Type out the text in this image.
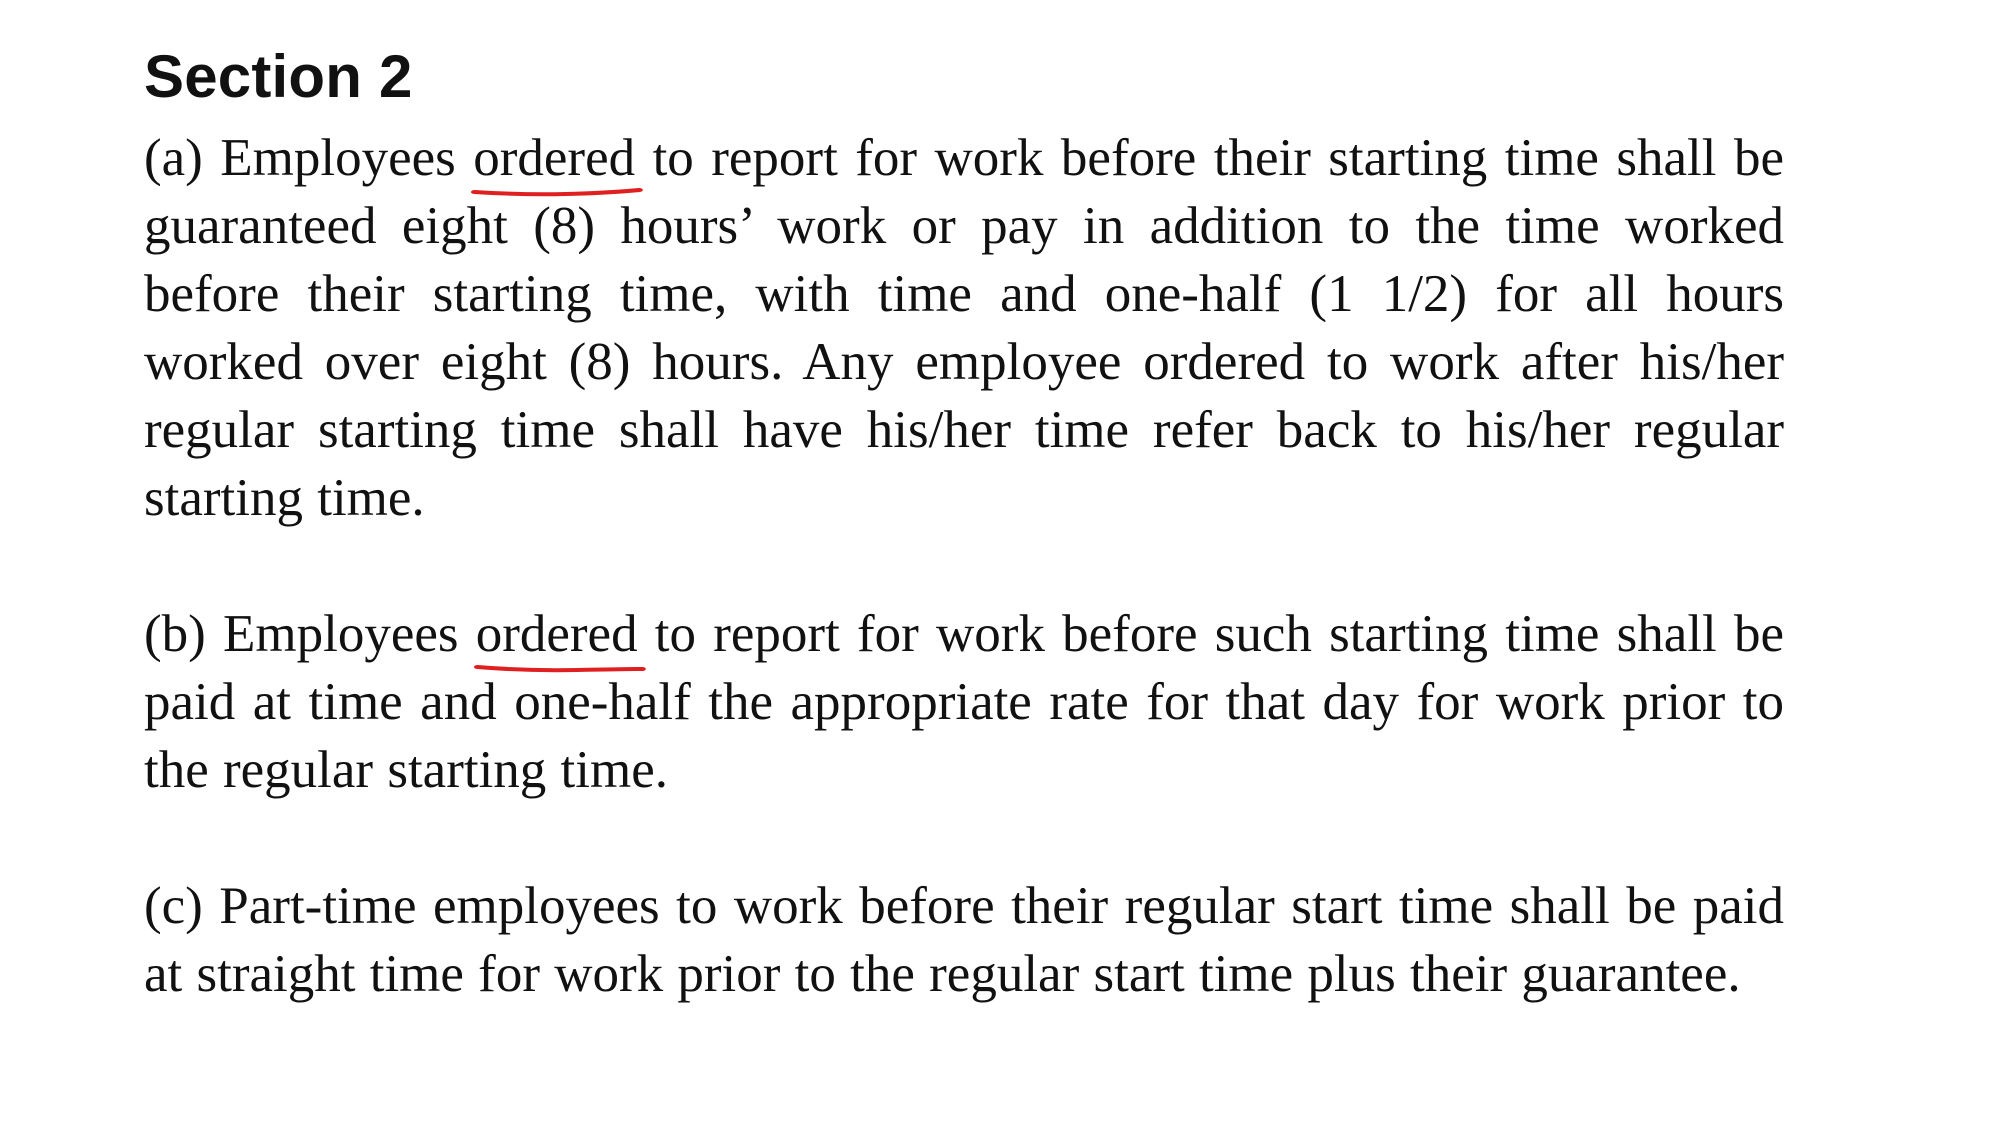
Section 2

(a) Employees ordered
to report for work before their starting time shall be guaranteed eight (8) hours’ work or pay in addition to the time worked before their starting time, with time and one-half (1 1/2) for all hours worked over eight (8) hours. Any employee ordered to work after his/her regular starting time shall have his/her time refer back to his/her regular starting time.

(b) Employees ordered
to report for work before such starting time shall be paid at time and one-half the appropriate rate for that day for work prior to the regular starting time.

(c) Part-time employees to work before their regular start time shall be paid at straight time for work prior to the regular start time plus their guarantee.
